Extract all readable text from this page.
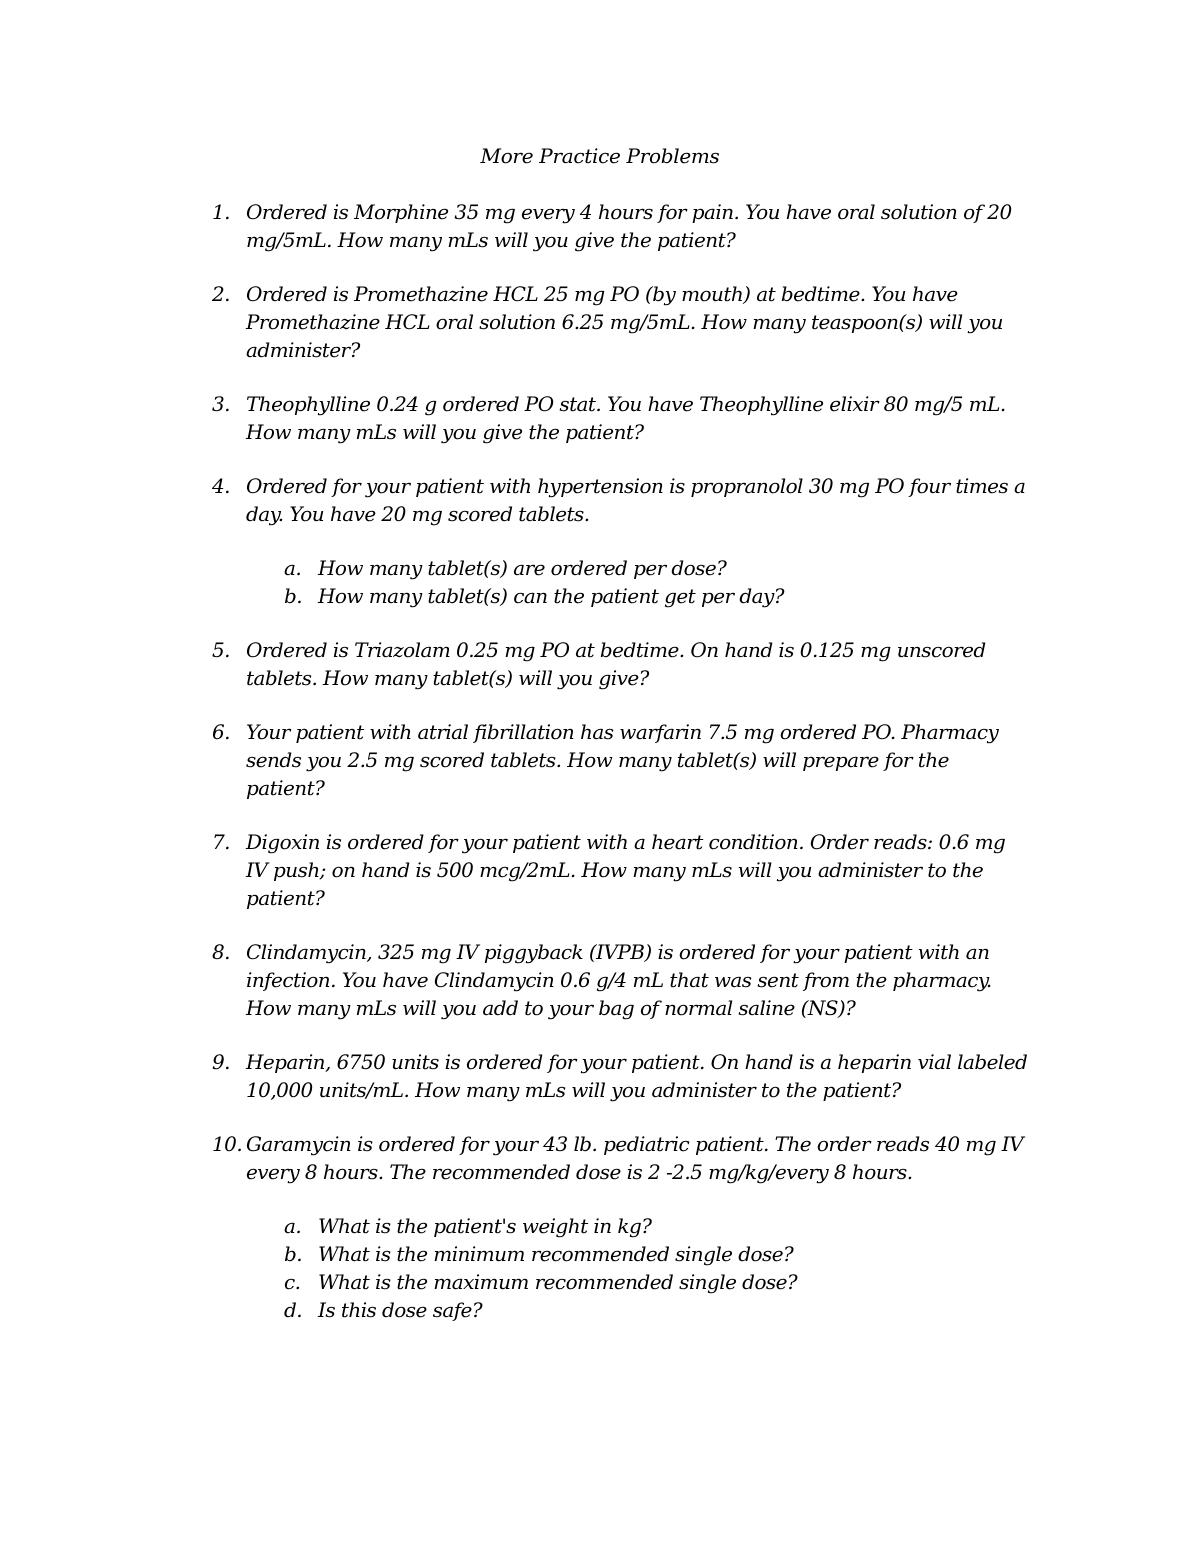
More Practice Problems
1. Ordered is Morphine 35 mg every 4 hours for pain. You have oral solution of 20 mg/5mL. How many mLs will you give the patient?
2. Ordered is Promethazine HCL 25 mg PO (by mouth) at bedtime. You have Promethazine HCL oral solution 6.25 mg/5mL. How many teaspoon(s) will you administer?
3. Theophylline 0.24 g ordered PO stat. You have Theophylline elixir 80 mg/5 mL. How many mLs will you give the patient?
4. Ordered for your patient with hypertension is propranolol 30 mg PO four times a day. You have 20 mg scored tablets.
a. How many tablet(s) are ordered per dose?
b. How many tablet(s) can the patient get per day?
5. Ordered is Triazolam 0.25 mg PO at bedtime. On hand is 0.125 mg unscored tablets. How many tablet(s) will you give?
6. Your patient with atrial fibrillation has warfarin 7.5 mg ordered PO. Pharmacy sends you 2.5 mg scored tablets. How many tablet(s) will prepare for the patient?
7. Digoxin is ordered for your patient with a heart condition. Order reads: 0.6 mg IV push; on hand is 500 mcg/2mL. How many mLs will you administer to the patient?
8. Clindamycin, 325 mg IV piggyback (IVPB) is ordered for your patient with an infection. You have Clindamycin 0.6 g/4 mL that was sent from the pharmacy. How many mLs will you add to your bag of normal saline (NS)?
9. Heparin, 6750 units is ordered for your patient. On hand is a heparin vial labeled 10,000 units/mL. How many mLs will you administer to the patient?
10. Garamycin is ordered for your 43 lb. pediatric patient. The order reads 40 mg IV every 8 hours. The recommended dose is 2 -2.5 mg/kg/every 8 hours.
a. What is the patient's weight in kg?
b. What is the minimum recommended single dose?
c. What is the maximum recommended single dose?
d. Is this dose safe?
